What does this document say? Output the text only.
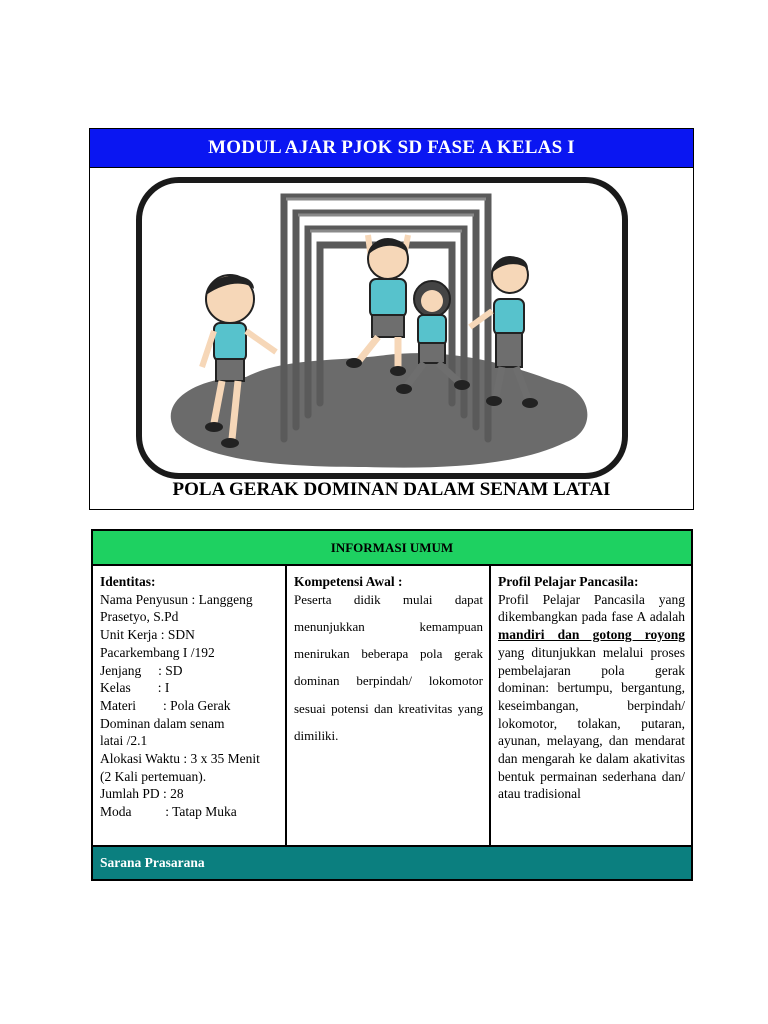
MODUL AJAR PJOK SD FASE A KELAS I
POLA GERAK DOMINAN DALAM SENAM LATAI
INFORMASI UMUM
Identitas:
Nama Penyusun : Langgeng
Prasetyo, S.Pd
Unit Kerja : SDN
Pacarkembang I /192
Jenjang     : SD
Kelas        : I
Materi        : Pola Gerak
Dominan dalam senam
latai /2.1
Alokasi Waktu : 3 x 35 Menit
(2 Kali pertemuan).
Jumlah PD : 28
Moda          : Tatap Muka
Kompetensi Awal :
Peserta didik mulai dapat menunjukkan kemampuan menirukan beberapa pola gerak dominan berpindah/ lokomotor sesuai potensi dan kreativitas yang dimiliki.
Profil Pelajar Pancasila:
Profil Pelajar Pancasila yang dikembangkan pada fase A adalah mandiri dan gotong royong yang ditunjukkan melalui proses pembelajaran pola gerak dominan: bertumpu, bergantung, keseimbangan, berpindah/ lokomotor, tolakan, putaran, ayunan, melayang, dan mendarat dan mengarah ke dalam akativitas bentuk permainan sederhana dan/ atau tradisional
Sarana Prasarana
